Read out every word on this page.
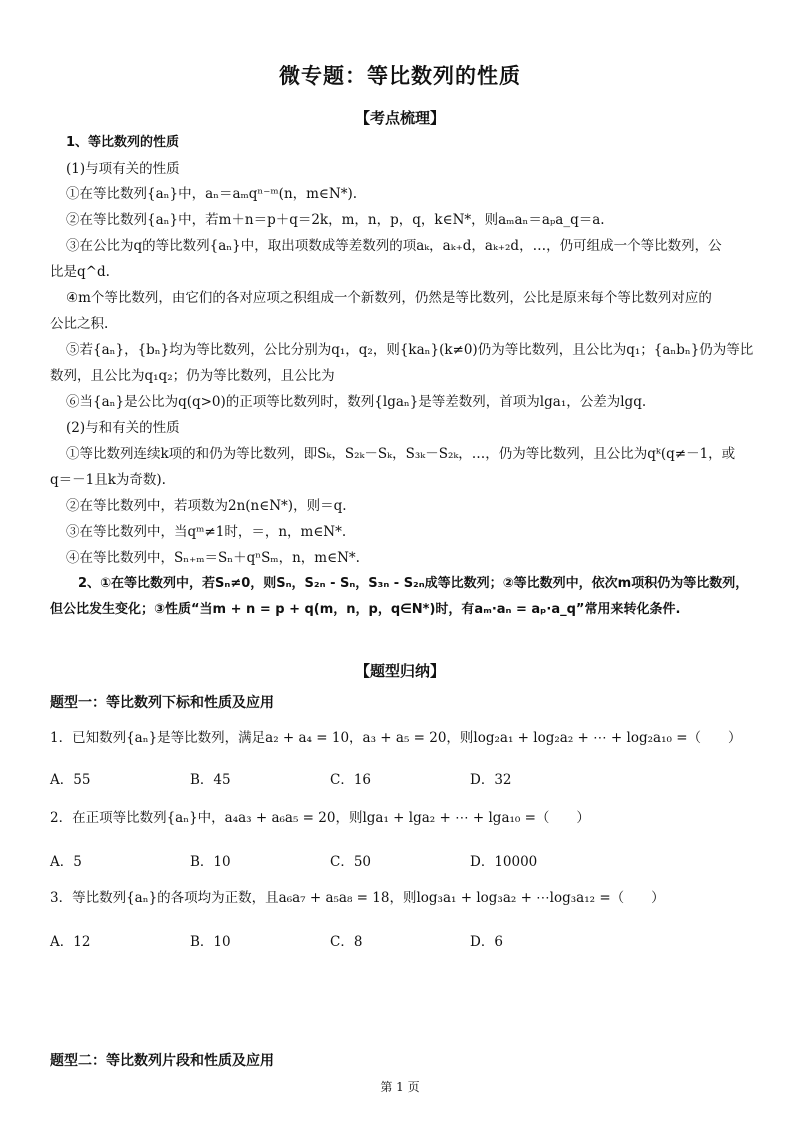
微专题：等比数列的性质
【考点梳理】
1、等比数列的性质
(1)与项有关的性质
①在等比数列{aₙ}中，aₙ＝aₘqⁿ⁻ᵐ(n，m∈N*).
②在等比数列{aₙ}中，若m＋n＝p＋q＝2k，m，n，p，q，k∈N*，则aₘaₙ＝aₚa_q＝a.
③在公比为q的等比数列{aₙ}中，取出项数成等差数列的项aₖ，aₖ₊d，aₖ₊₂d，…，仍可组成一个等比数列，公
比是q^d.
④m个等比数列，由它们的各对应项之积组成一个新数列，仍然是等比数列，公比是原来每个等比数列对应的
公比之积.
⑤若{aₙ}，{bₙ}均为等比数列，公比分别为q₁，q₂，则{kaₙ}(k≠0)仍为等比数列，且公比为q₁；{aₙbₙ}仍为等比
数列，且公比为q₁q₂；仍为等比数列，且公比为
⑥当{aₙ}是公比为q(q>0)的正项等比数列时，数列{lgaₙ}是等差数列，首项为lga₁，公差为lgq.
(2)与和有关的性质
①等比数列连续k项的和仍为等比数列，即Sₖ，S₂ₖ－Sₖ，S₃ₖ－S₂ₖ，…，仍为等比数列，且公比为qᵏ(q≠－1，或
q＝－1且k为奇数).
②在等比数列中，若项数为2n(n∈N*)，则＝q.
③在等比数列中，当qᵐ≠1时，＝，n，m∈N*.
④在等比数列中，Sₙ₊ₘ＝Sₙ＋qⁿSₘ，n，m∈N*.
2、①在等比数列中，若Sₙ≠0，则Sₙ，S₂ₙ - Sₙ，S₃ₙ - S₂ₙ成等比数列；②等比数列中，依次m项积仍为等比数列，
但公比发生变化；③性质“当m + n = p + q(m，n，p，q∈N*)时，有aₘ·aₙ = aₚ·a_q”常用来转化条件.
【题型归纳】
题型一：等比数列下标和性质及应用
1．已知数列{aₙ}是等比数列，满足a₂ + a₄ = 10，a₃ + a₅ = 20，则log₂a₁ + log₂a₂ + ⋯ + log₂a₁₀ =（　　）
A．55	B．45	C．16	D．32
2．在正项等比数列{aₙ}中，a₄a₃ + a₆a₅ = 20，则lga₁ + lga₂ + ⋯ + lga₁₀ =（　　）
A．5	B．10	C．50	D．10000
3．等比数列{aₙ}的各项均为正数，且a₆a₇ + a₅a₈ = 18，则log₃a₁ + log₃a₂ + ⋯log₃a₁₂ =（　　）
A．12	B．10	C．8	D．6
题型二：等比数列片段和性质及应用
第 1 页
